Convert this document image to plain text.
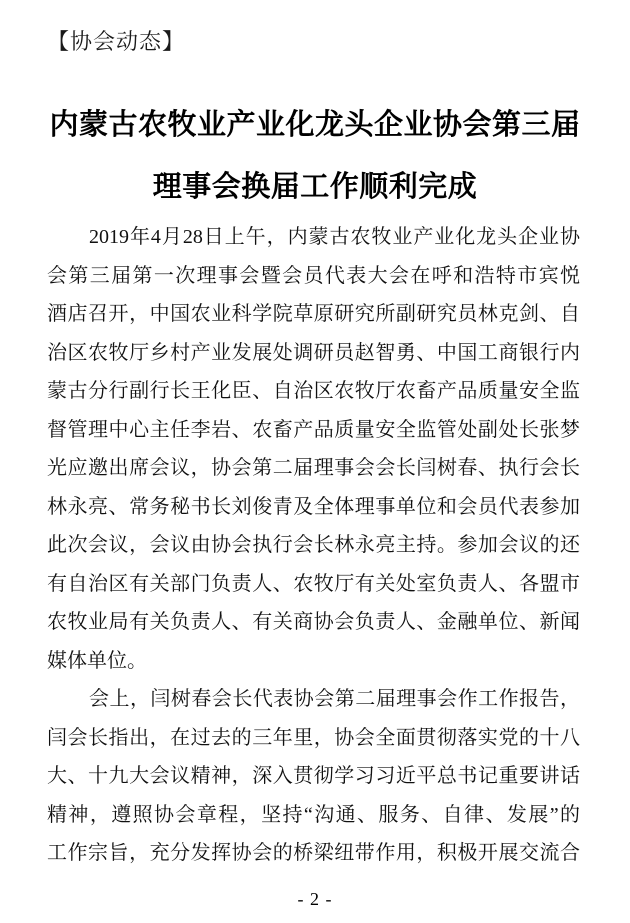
【协会动态】
内蒙古农牧业产业化龙头企业协会第三届
理事会换届工作顺利完成
2019年4月28日上午，内蒙古农牧业产业化龙头企业协
会第三届第一次理事会暨会员代表大会在呼和浩特市宾悦
酒店召开，中国农业科学院草原研究所副研究员林克剑、自
治区农牧厅乡村产业发展处调研员赵智勇、中国工商银行内
蒙古分行副行长王化臣、自治区农牧厅农畜产品质量安全监
督管理中心主任李岩、农畜产品质量安全监管处副处长张梦
光应邀出席会议，协会第二届理事会会长闫树春、执行会长
林永亮、常务秘书长刘俊青及全体理事单位和会员代表参加
此次会议，会议由协会执行会长林永亮主持。参加会议的还
有自治区有关部门负责人、农牧厅有关处室负责人、各盟市
农牧业局有关负责人、有关商协会负责人、金融单位、新闻
媒体单位。
会上，闫树春会长代表协会第二届理事会作工作报告，
闫会长指出，在过去的三年里，协会全面贯彻落实党的十八
大、十九大会议精神，深入贯彻学习习近平总书记重要讲话
精神，遵照协会章程，坚持“沟通、服务、自律、发展”的
工作宗旨，充分发挥协会的桥梁纽带作用，积极开展交流合
- 2 -
